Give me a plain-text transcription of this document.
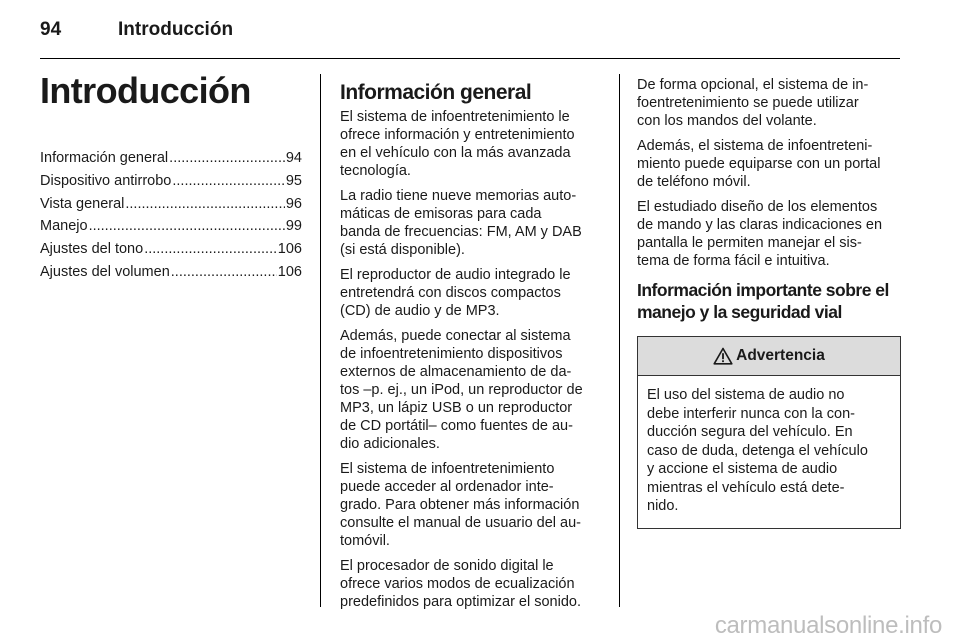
94	Introducción
Introducción
Información general .....	94
Dispositivo antirrobo .....	95
Vista general .....	96
Manejo .....	99
Ajustes del tono .....	106
Ajustes del volumen .....	106
Información general

El sistema de infoentretenimiento le
ofrece información y entretenimiento
en el vehículo con la más avanzada
tecnología.

La radio tiene nueve memorias auto-
máticas de emisoras para cada
banda de frecuencias: FM, AM y DAB
(si está disponible).

El reproductor de audio integrado le
entretendrá con discos compactos
(CD) de audio y de MP3.

Además, puede conectar al sistema
de infoentretenimiento dispositivos
externos de almacenamiento de da-
tos –p. ej., un iPod, un reproductor de
MP3, un lápiz USB o un reproductor
de CD portátil– como fuentes de au-
dio adicionales.

El sistema de infoentretenimiento
puede acceder al ordenador inte-
grado. Para obtener más información
consulte el manual de usuario del au-
tomóvil.

El procesador de sonido digital le
ofrece varios modos de ecualización
predefinidos para optimizar el sonido.

De forma opcional, el sistema de in-
foentretenimiento se puede utilizar
con los mandos del volante.

Además, el sistema de infoentreteni-
miento puede equiparse con un portal
de teléfono móvil.

El estudiado diseño de los elementos
de mando y las claras indicaciones en
pantalla le permiten manejar el sis-
tema de forma fácil e intuitiva.

Información importante sobre el
manejo y la seguridad vial
Advertencia
El uso del sistema de audio no
debe interferir nunca con la con-
ducción segura del vehículo. En
caso de duda, detenga el vehículo
y accione el sistema de audio
mientras el vehículo está dete-
nido.
carmanualsonline.info
